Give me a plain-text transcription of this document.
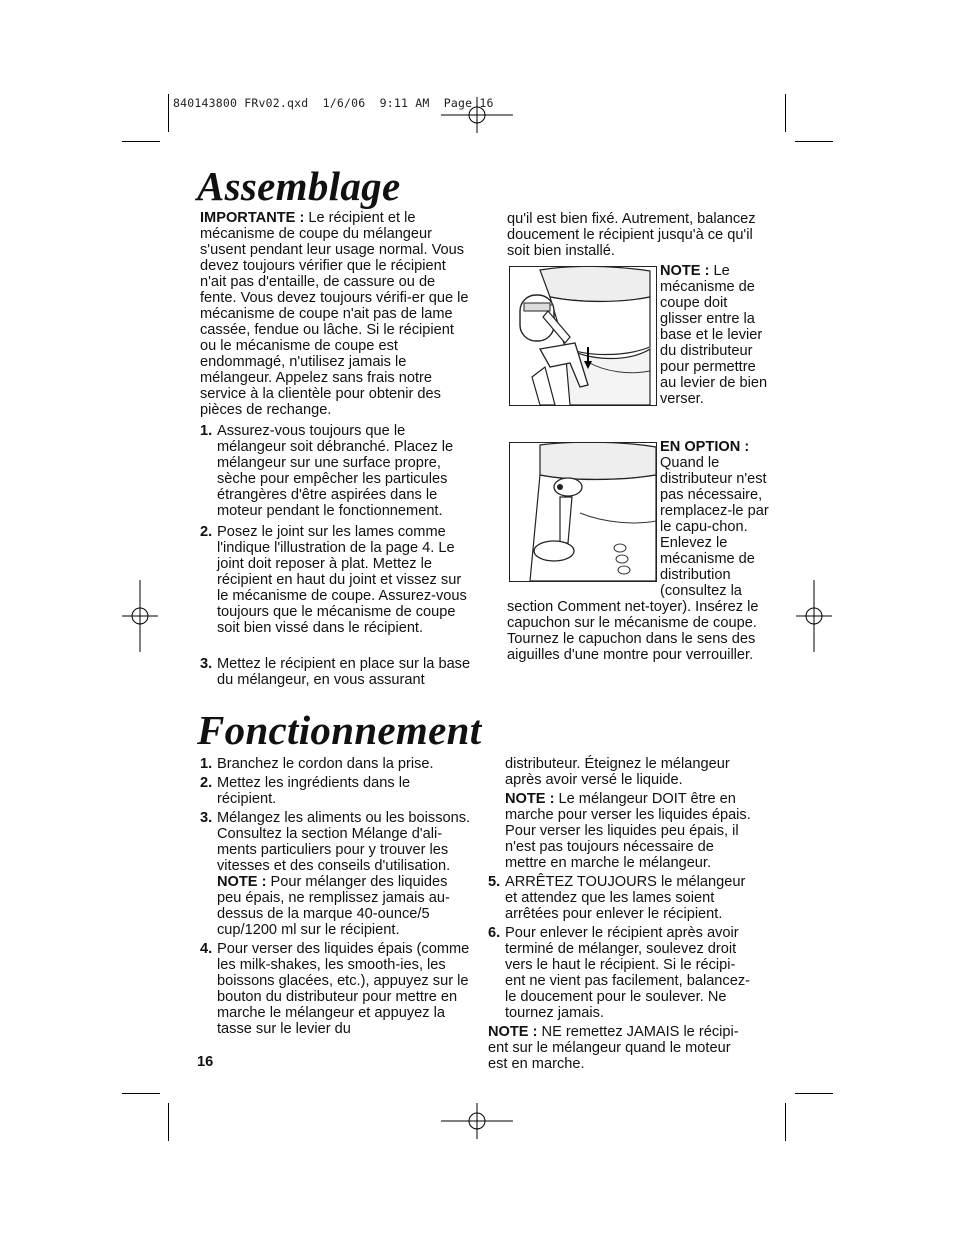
840143800 FRv02.qxd  1/6/06  9:11 AM  Page 16
Assemblage
IMPORTANTE : Le récipient et le mécanisme de coupe du mélangeur s'usent pendant leur usage normal. Vous devez toujours vérifier que le récipient n'ait pas d'entaille, de cassure ou de fente. Vous devez toujours vérifi-er que le mécanisme de coupe n'ait pas de lame cassée, fendue ou lâche. Si le récipient ou le mécanisme de coupe est endommagé, n'utilisez jamais le mélangeur. Appelez sans frais notre service à la clientèle pour obtenir des pièces de rechange.
1. Assurez-vous toujours que le mélangeur soit débranché. Placez le mélangeur sur une surface propre, sèche pour empêcher les particules étrangères d'être aspirées dans le moteur pendant le fonctionnement.
2. Posez le joint sur les lames comme l'indique l'illustration de la page 4. Le joint doit reposer à plat. Mettez le récipient en haut du joint et vissez sur le mécanisme de coupe. Assurez-vous toujours que le mécanisme de coupe soit bien vissé dans le récipient.
3. Mettez le récipient en place sur la base du mélangeur, en vous assurant
qu'il est bien fixé. Autrement, balancez doucement le récipient jusqu'à ce qu'il soit bien installé.
NOTE : Le mécanisme de coupe doit glisser entre la base et le levier du distributeur pour permettre au levier de bien verser.
EN OPTION : Quand le distributeur n'est pas nécessaire, remplacez-le par le capu-chon. Enlevez le mécanisme de distribution (consultez la section Comment net-toyer). Insérez le capuchon sur le mécanisme de coupe. Tournez le capuchon dans le sens des aiguilles d'une montre pour verrouiller.
Fonctionnement
1. Branchez le cordon dans la prise.
2. Mettez les ingrédients dans le récipient.
3. Mélangez les aliments ou les boissons. Consultez la section Mélange d'ali-ments particuliers pour y trouver les vitesses et des conseils d'utilisation.
NOTE : Pour mélanger des liquides peu épais, ne remplissez jamais au-dessus de la marque 40-ounce/5 cup/1200 ml sur le récipient.
4. Pour verser des liquides épais (comme les milk-shakes, les smooth-ies, les boissons glacées, etc.), appuyez sur le bouton du distributeur pour mettre en marche le mélangeur et appuyez la tasse sur le levier du
16
distributeur. Éteignez le mélangeur après avoir versé le liquide.
NOTE : Le mélangeur DOIT être en marche pour verser les liquides épais. Pour verser les liquides peu épais, il n'est pas toujours nécessaire de mettre en marche le mélangeur.
5. ARRÊTEZ TOUJOURS le mélangeur et attendez que les lames soient arrêtées pour enlever le récipient.
6. Pour enlever le récipient après avoir terminé de mélanger, soulevez droit vers le haut le récipient. Si le récipi-ent ne vient pas facilement, balancez-le doucement pour le soulever. Ne tournez jamais.
NOTE : NE remettez JAMAIS le récipi-ent sur le mélangeur quand le moteur est en marche.
